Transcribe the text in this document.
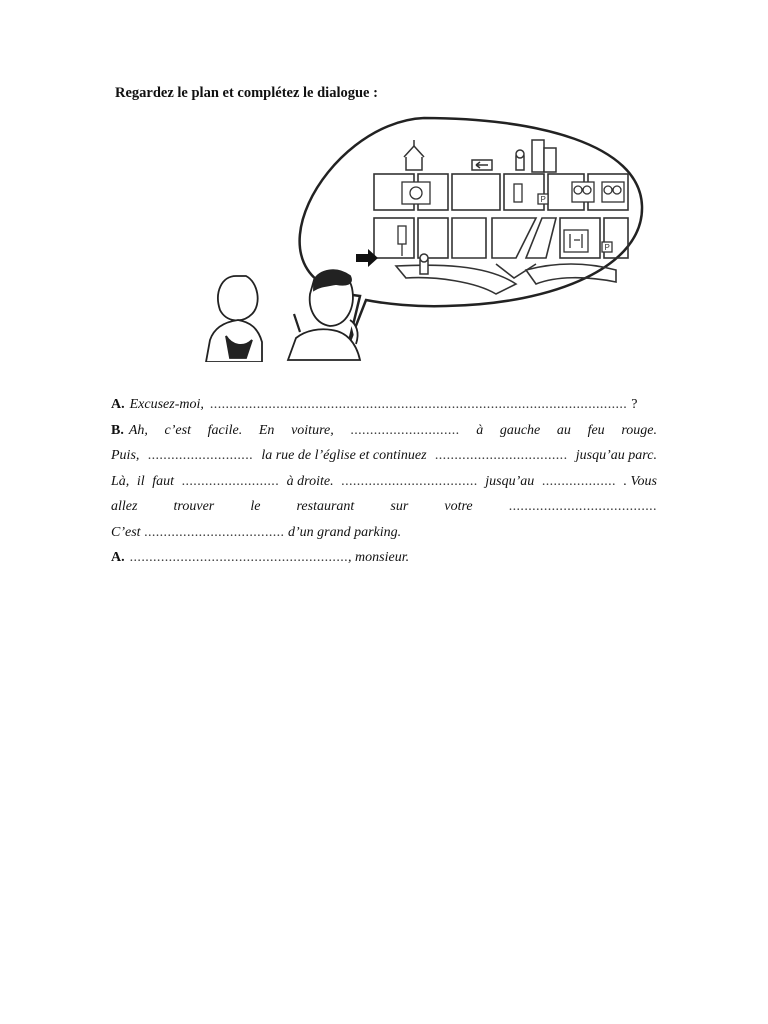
Regardez le plan et complétez le dialogue :
P
P
A. Excusez-moi, ........................................................................................................... ?
B. Ah, c’est facile. En voiture, ............................ à gauche au feu rouge.
Puis, ........................... la rue de l’église et continuez .................................. jusqu’au parc.
Là, il faut ......................... à droite. ................................... jusqu’au ................... . Vous
allez	trouver	le	restaurant	sur	votre	......................................
C’est .................................... d’un grand parking.
A. ........................................................, monsieur.
